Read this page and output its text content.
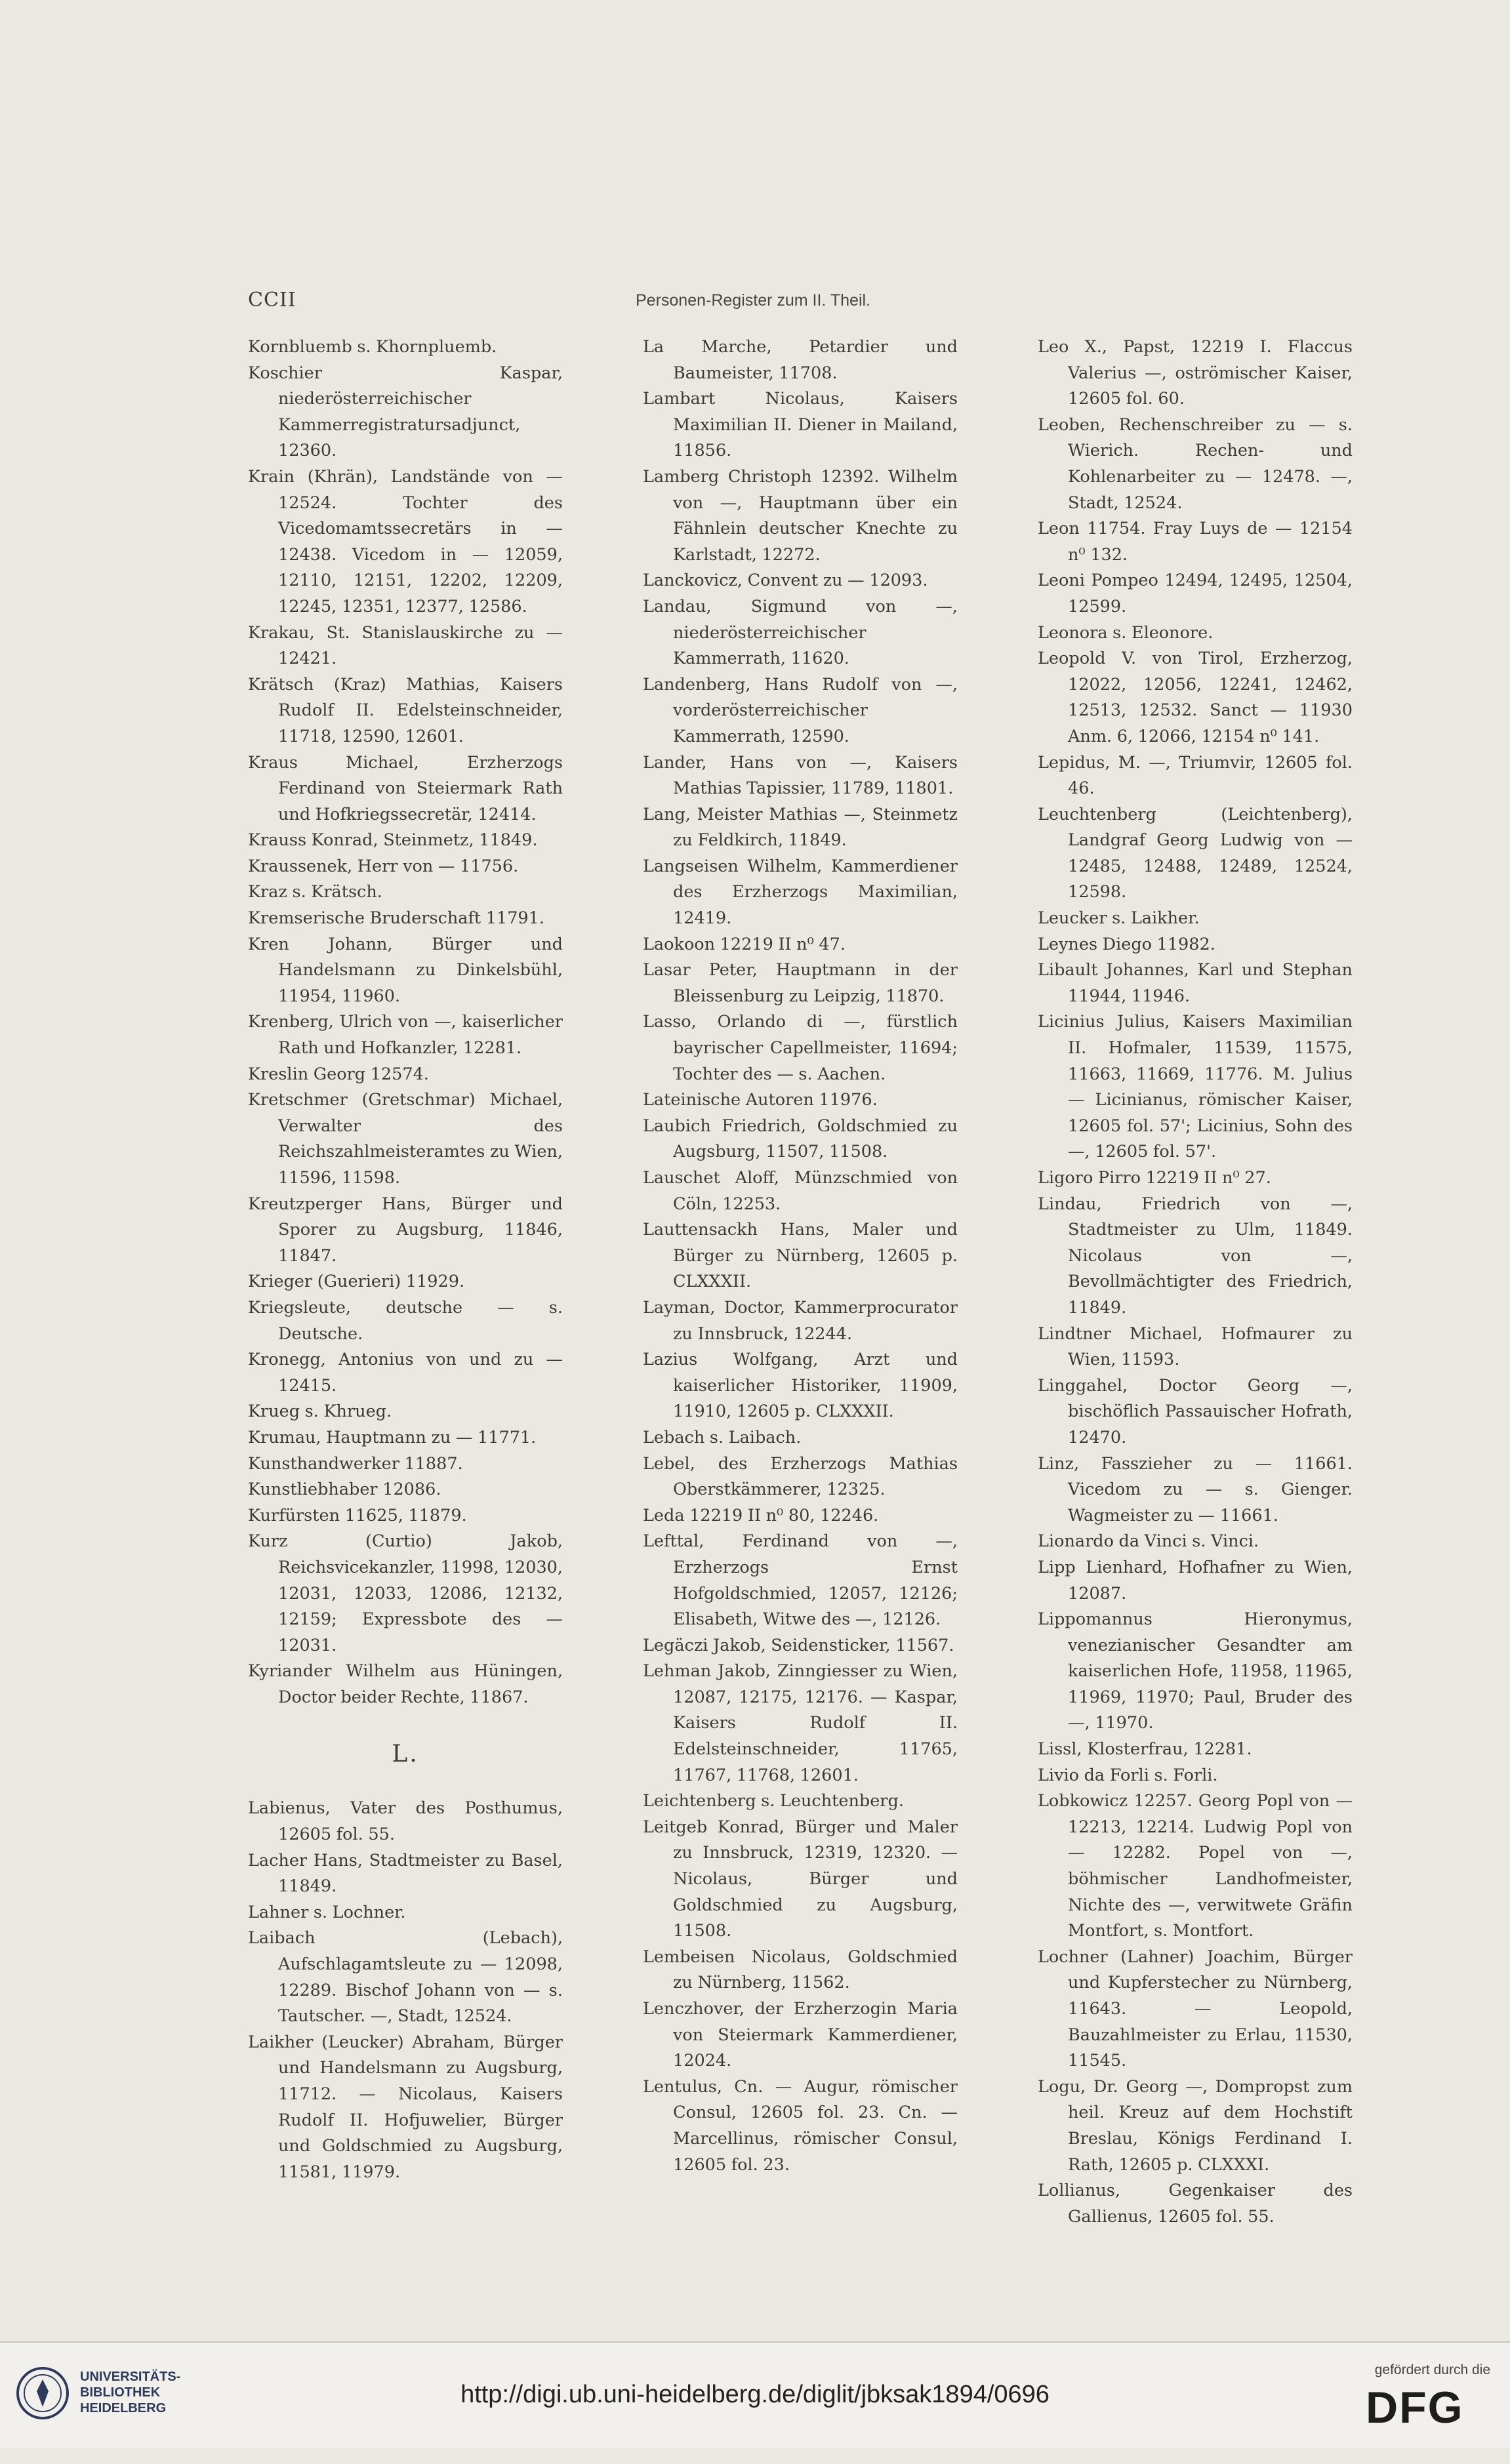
CCII	Personen-Register zum II. Theil.

Kornbluemb s. Khornpluemb.

Koschier Kaspar, niederösterreichischer Kammerregistratursadjunct, 12360.

Krain (Khrän), Landstände von — 12524. Tochter des Vicedomamtssecretärs in — 12438. Vicedom in — 12059, 12110, 12151, 12202, 12209, 12245, 12351, 12377, 12586.

Krakau, St. Stanislauskirche zu — 12421.

Krätsch (Kraz) Mathias, Kaisers Rudolf II. Edelsteinschneider, 11718, 12590, 12601.

Kraus Michael, Erzherzogs Ferdinand von Steiermark Rath und Hofkriegssecretär, 12414.

Krauss Konrad, Steinmetz, 11849.

Kraussenek, Herr von — 11756.

Kraz s. Krätsch.

Kremserische Bruderschaft 11791.

Kren Johann, Bürger und Handelsmann zu Dinkelsbühl, 11954, 11960.

Krenberg, Ulrich von —, kaiserlicher Rath und Hofkanzler, 12281.

Kreslin Georg 12574.

Kretschmer (Gretschmar) Michael, Verwalter des Reichszahlmeisteramtes zu Wien, 11596, 11598.

Kreutzperger Hans, Bürger und Sporer zu Augsburg, 11846, 11847.

Krieger (Guerieri) 11929.

Kriegsleute, deutsche — s. Deutsche.

Kronegg, Antonius von und zu — 12415.

Krueg s. Khrueg.

Krumau, Hauptmann zu — 11771.

Kunsthandwerker 11887.

Kunstliebhaber 12086.

Kurfürsten 11625, 11879.

Kurz (Curtio) Jakob, Reichsvicekanzler, 11998, 12030, 12031, 12033, 12086, 12132, 12159; Expressbote des — 12031.

Kyriander Wilhelm aus Hüningen, Doctor beider Rechte, 11867.

L.

Labienus, Vater des Posthumus, 12605 fol. 55.

Lacher Hans, Stadtmeister zu Basel, 11849.

Lahner s. Lochner.

Laibach (Lebach), Aufschlagamtsleute zu — 12098, 12289. Bischof Johann von — s. Tautscher. —, Stadt, 12524.

Laikher (Leucker) Abraham, Bürger und Handelsmann zu Augsburg, 11712. — Nicolaus, Kaisers Rudolf II. Hofjuwelier, Bürger und Goldschmied zu Augsburg, 11581, 11979.

La Marche, Petardier und Baumeister, 11708.

Lambart Nicolaus, Kaisers Maximilian II. Diener in Mailand, 11856.

Lamberg Christoph 12392. Wilhelm von —, Hauptmann über ein Fähnlein deutscher Knechte zu Karlstadt, 12272.

Lanckovicz, Convent zu — 12093.

Landau, Sigmund von —, niederösterreichischer Kammerrath, 11620.

Landenberg, Hans Rudolf von —, vorderösterreichischer Kammerrath, 12590.

Lander, Hans von —, Kaisers Mathias Tapissier, 11789, 11801.

Lang, Meister Mathias —, Steinmetz zu Feldkirch, 11849.

Langseisen Wilhelm, Kammerdiener des Erzherzogs Maximilian, 12419.

Laokoon 12219 II n⁰ 47.

Lasar Peter, Hauptmann in der Bleissenburg zu Leipzig, 11870.

Lasso, Orlando di —, fürstlich bayrischer Capellmeister, 11694; Tochter des — s. Aachen.

Lateinische Autoren 11976.

Laubich Friedrich, Goldschmied zu Augsburg, 11507, 11508.

Lauschet Aloff, Münzschmied von Cöln, 12253.

Lauttensackh Hans, Maler und Bürger zu Nürnberg, 12605 p. CLXXXII.

Layman, Doctor, Kammerprocurator zu Innsbruck, 12244.

Lazius Wolfgang, Arzt und kaiserlicher Historiker, 11909, 11910, 12605 p. CLXXXII.

Lebach s. Laibach.

Lebel, des Erzherzogs Mathias Oberstkämmerer, 12325.

Leda 12219 II n⁰ 80, 12246.

Lefttal, Ferdinand von —, Erzherzogs Ernst Hofgoldschmied, 12057, 12126; Elisabeth, Witwe des —, 12126.

Legäczi Jakob, Seidensticker, 11567.

Lehman Jakob, Zinngiesser zu Wien, 12087, 12175, 12176. — Kaspar, Kaisers Rudolf II. Edelsteinschneider, 11765, 11767, 11768, 12601.

Leichtenberg s. Leuchtenberg.

Leitgeb Konrad, Bürger und Maler zu Innsbruck, 12319, 12320. — Nicolaus, Bürger und Goldschmied zu Augsburg, 11508.

Lembeisen Nicolaus, Goldschmied zu Nürnberg, 11562.

Lenczhover, der Erzherzogin Maria von Steiermark Kammerdiener, 12024.

Lentulus, Cn. — Augur, römischer Consul, 12605 fol. 23. Cn. — Marcellinus, römischer Consul, 12605 fol. 23.

Leo X., Papst, 12219 I. Flaccus Valerius —, oströmischer Kaiser, 12605 fol. 60.

Leoben, Rechenschreiber zu — s. Wierich. Rechen- und Kohlenarbeiter zu — 12478. —, Stadt, 12524.

Leon 11754. Fray Luys de — 12154 n⁰ 132.

Leoni Pompeo 12494, 12495, 12504, 12599.

Leonora s. Eleonore.

Leopold V. von Tirol, Erzherzog, 12022, 12056, 12241, 12462, 12513, 12532. Sanct — 11930 Anm. 6, 12066, 12154 n⁰ 141.

Lepidus, M. —, Triumvir, 12605 fol. 46.

Leuchtenberg (Leichtenberg), Landgraf Georg Ludwig von — 12485, 12488, 12489, 12524, 12598.

Leucker s. Laikher.

Leynes Diego 11982.

Libault Johannes, Karl und Stephan 11944, 11946.

Licinius Julius, Kaisers Maximilian II. Hofmaler, 11539, 11575, 11663, 11669, 11776. M. Julius — Licinianus, römischer Kaiser, 12605 fol. 57'; Licinius, Sohn des —, 12605 fol. 57'.

Ligoro Pirro 12219 II n⁰ 27.

Lindau, Friedrich von —, Stadtmeister zu Ulm, 11849. Nicolaus von —, Bevollmächtigter des Friedrich, 11849.

Lindtner Michael, Hofmaurer zu Wien, 11593.

Linggahel, Doctor Georg —, bischöflich Passauischer Hofrath, 12470.

Linz, Fasszieher zu — 11661. Vicedom zu — s. Gienger. Wagmeister zu — 11661.

Lionardo da Vinci s. Vinci.

Lipp Lienhard, Hofhafner zu Wien, 12087.

Lippomannus Hieronymus, venezianischer Gesandter am kaiserlichen Hofe, 11958, 11965, 11969, 11970; Paul, Bruder des —, 11970.

Lissl, Klosterfrau, 12281.

Livio da Forli s. Forli.

Lobkowicz 12257. Georg Popl von — 12213, 12214. Ludwig Popl von — 12282. Popel von —, böhmischer Landhofmeister, Nichte des —, verwitwete Gräfin Montfort, s. Montfort.

Lochner (Lahner) Joachim, Bürger und Kupferstecher zu Nürnberg, 11643. — Leopold, Bauzahlmeister zu Erlau, 11530, 11545.

Logu, Dr. Georg —, Dompropst zum heil. Kreuz auf dem Hochstift Breslau, Königs Ferdinand I. Rath, 12605 p. CLXXXI.

Lollianus, Gegenkaiser des Gallienus, 12605 fol. 55.

UNIVERSITÄTS-
BIBLIOTHEK
HEIDELBERG	http://digi.ub.uni-heidelberg.de/diglit/jbksak1894/0696
gefördert durch die
DFG
